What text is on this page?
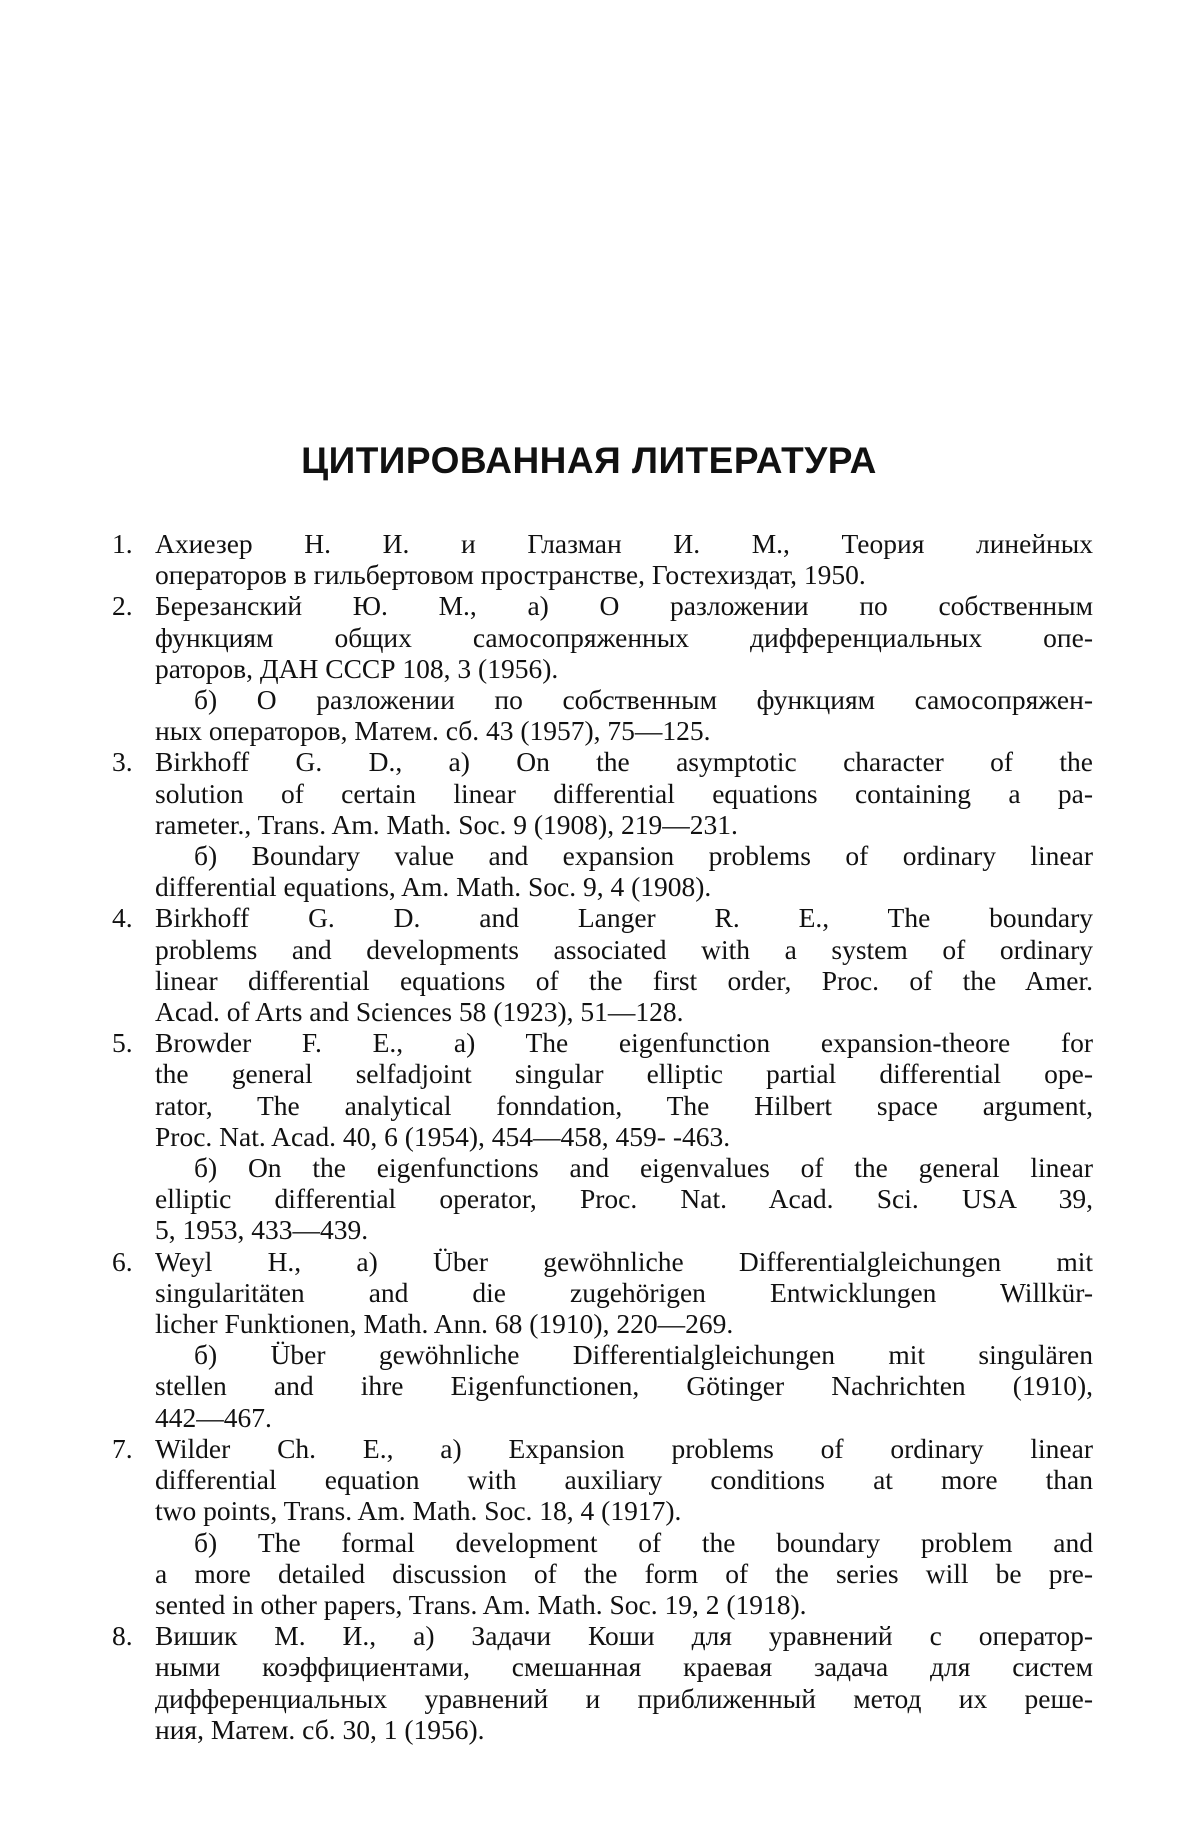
ЦИТИРОВАННАЯ ЛИТЕРАТУРА
1. Ахиезер Н. И. и Глазман И. М., Теория линейных
операторов в гильбертовом пространстве, Гостехиздат, 1950.
2. Березанский Ю. М., а) О разложении по собственным
функциям общих самосопряженных дифференциальных опе-
раторов, ДАН СССР 108, 3 (1956).
б) О разложении по собственным функциям самосопряжен-
ных операторов, Матем. сб. 43 (1957), 75—125.
3. Birkhoff G. D., a) On the asymptotic character of the
solution of certain linear differential equations containing a pa-
rameter., Trans. Am. Math. Soc. 9 (1908), 219—231.
б) Boundary value and expansion problems of ordinary linear
differential equations, Am. Math. Soc. 9, 4 (1908).
4. Birkhoff G. D. and Langer R. E., The boundary
problems and developments associated with a system of ordinary
linear differential equations of the first order, Proc. of the Amer.
Acad. of Arts and Sciences 58 (1923), 51—128.
5. Browder F. E., a) The eigenfunction expansion-theore for
the general selfadjoint singular elliptic partial differential ope-
rator, The analytical fonndation, The Hilbert space argument,
Proc. Nat. Acad. 40, 6 (1954), 454—458, 459- -463.
б) On the eigenfunctions and eigenvalues of the general linear
elliptic differential operator, Proc. Nat. Acad. Sci. USA 39,
5, 1953, 433—439.
6. Weyl H., a) Über gewöhnliche Differentialgleichungen mit
singularitäten and die zugehörigen Entwicklungen Willkür-
licher Funktionen, Math. Ann. 68 (1910), 220—269.
б) Über gewöhnliche Differentialgleichungen mit singulären
stellen and ihre Eigenfunctionen, Götinger Nachrichten (1910),
442—467.
7. Wilder Ch. E., a) Expansion problems of ordinary linear
differential equation with auxiliary conditions at more than
two points, Trans. Am. Math. Soc. 18, 4 (1917).
б) The formal development of the boundary problem and
a more detailed discussion of the form of the series will be pre-
sented in other papers, Trans. Am. Math. Soc. 19, 2 (1918).
8. Вишик М. И., а) Задачи Коши для уравнений с оператор-
ными коэффициентами, смешанная краевая задача для систем
дифференциальных уравнений и приближенный метод их реше-
ния, Матем. сб. 30, 1 (1956).
